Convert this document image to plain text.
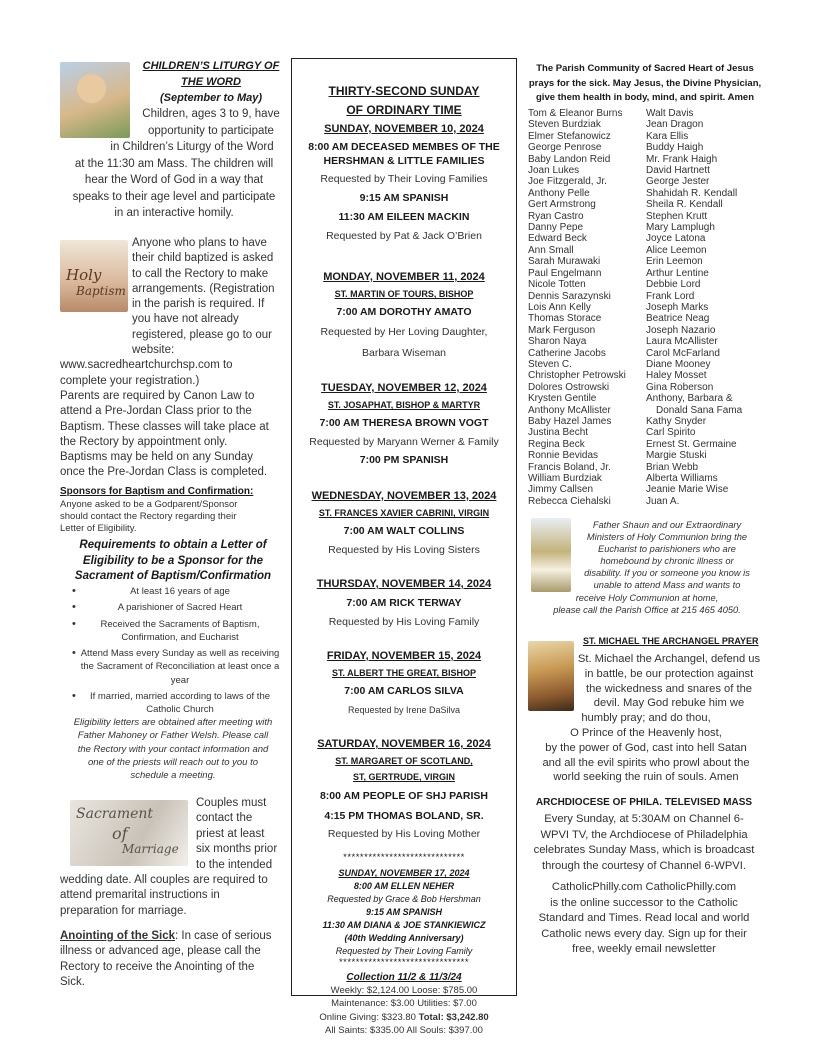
CHILDREN’S LITURGY OF
THE WORD
(September to May)
Children, ages 3 to 9, have
opportunity to participate
in Children’s Liturgy of the Word
at the 11:30 am Mass. The children will
hear the Word of God in a way that
speaks to their age level and participate
in an interactive homily.
Holy
Baptism
Anyone who plans to have
their child baptized is asked
to call the Rectory to make
arrangements. (Registration
in the parish is required. If
you have not already
registered, please go to our
website:
www.sacredheartchurchsp.com to
complete your registration.)
Parents are required by Canon Law to
attend a Pre-Jordan Class prior to the
Baptism. These classes will take place at
the Rectory by appointment only.
Baptisms may be held on any Sunday
once the Pre-Jordan Class is completed.
Sponsors for Baptism and Confirmation:
Anyone asked to be a Godparent/Sponsor
should contact the Rectory regarding their
Letter of Eligibility.
Requirements to obtain a Letter of
Eligibility to be a Sponsor for the
Sacrament of Baptism/Confirmation
• At least 16 years of age
• A parishioner of Sacred Heart
• Received the Sacraments of Baptism, Confirmation, and Eucharist
• Attend Mass every Sunday as well as receiving the Sacrament of Reconciliation at least once a year
• If married, married according to laws of the Catholic Church
Eligibility letters are obtained after meeting with
Father Mahoney or Father Welsh. Please call
the Rectory with your contact information and
one of the priests will reach out to you to
schedule a meeting.
Sacrament
of
Marriage
Couples must
contact the
priest at least
six months prior
to the intended
wedding date. All couples are required to
attend premarital instructions in
preparation for marriage.
Anointing of the Sick: In case of serious
illness or advanced age, please call the
Rectory to receive the Anointing of the
Sick.
THIRTY-SECOND SUNDAY
OF ORDINARY TIME
SUNDAY, NOVEMBER 10, 2024
8:00 AM DECEASED MEMBES OF THE
HERSHMAN & LITTLE FAMILIES
Requested by Their Loving Families
9:15 AM SPANISH
11:30 AM EILEEN MACKIN
Requested by Pat & Jack O’Brien
MONDAY, NOVEMBER 11, 2024
ST. MARTIN OF TOURS, BISHOP
7:00 AM DOROTHY AMATO
Requested by Her Loving Daughter,
Barbara Wiseman
TUESDAY, NOVEMBER 12, 2024
ST. JOSAPHAT, BISHOP & MARTYR
7:00 AM THERESA BROWN VOGT
Requested by Maryann Werner & Family
7:00 PM SPANISH
WEDNESDAY, NOVEMBER 13, 2024
ST. FRANCES XAVIER CABRINI, VIRGIN
7:00 AM WALT COLLINS
Requested by His Loving Sisters
THURSDAY, NOVEMBER 14, 2024
7:00 AM RICK TERWAY
Requested by His Loving Family
FRIDAY, NOVEMBER 15, 2024
ST. ALBERT THE GREAT, BISHOP
7:00 AM CARLOS SILVA
Requested by Irene DaSilva
SATURDAY, NOVEMBER 16, 2024
ST. MARGARET OF SCOTLAND,
ST, GERTRUDE, VIRGIN
8:00 AM PEOPLE OF SHJ PARISH
4:15 PM THOMAS BOLAND, SR.
Requested by His Loving Mother
*****************************
SUNDAY, NOVEMBER 17, 2024
8:00 AM ELLEN NEHER
Requested by Grace & Bob Hershman
9:15 AM SPANISH
11:30 AM DIANA & JOE STANKIEWICZ
(40th Wedding Anniversary)
Requested by Their Loving Family
*******************************
Collection 11/2 & 11/3/24
Weekly: $2,124.00 Loose: $785.00
Maintenance: $3.00 Utilities: $7.00
Online Giving: $323.80 Total: $3,242.80
All Saints: $335.00 All Souls: $397.00
The Parish Community of Sacred Heart of Jesus
prays for the sick. May Jesus, the Divine Physician,
give them health in body, mind, and spirit. Amen
Tom & Eleanor Burns
Steven Burdziak
Elmer Stefanowicz
George Penrose
Baby Landon Reid
Joan Lukes
Joe Fitzgerald, Jr.
Anthony Pelle
Gert Armstrong
Ryan Castro
Danny Pepe
Edward Beck
Ann Small
Sarah Murawaki
Paul Engelmann
Nicole Totten
Dennis Sarazynski
Lois Ann Kelly
Thomas Storace
Mark Ferguson
Sharon Naya
Catherine Jacobs
Steven C.
Christopher Petrowski
Dolores Ostrowski
Krysten Gentile
Anthony McAllister
Baby Hazel James
Justina Becht
Regina Beck
Ronnie Bevidas
Francis Boland, Jr.
William Burdziak
Jimmy Callsen
Rebecca Ciehalski
Walt Davis
Jean Dragon
Kara Ellis
Buddy Haigh
Mr. Frank Haigh
David Hartnett
George Jester
Shahidah R. Kendall
Sheila R. Kendall
Stephen Krutt
Mary Lamplugh
Joyce Latona
Alice Leemon
Erin Leemon
Arthur Lentine
Debbie Lord
Frank Lord
Joseph Marks
Beatrice Neag
Joseph Nazario
Laura McAllister
Carol McFarland
Diane Mooney
Haley Mosset
Gina Roberson
Anthony, Barbara &
Donald Sana Fama
Kathy Snyder
Carl Spirito
Ernest St. Germaine
Margie Stuski
Brian Webb
Alberta Williams
Jeanie Marie Wise
Juan A.
Father Shaun and our Extraordinary
Ministers of Holy Communion bring the
Eucharist to parishioners who are
homebound by chronic illness or
disability. If you or someone you know is
unable to attend Mass and wants to
receive Holy Communion at home,
please call the Parish Office at 215 465 4050.
ST. MICHAEL THE ARCHANGEL PRAYER
St. Michael the Archangel, defend us
in battle, be our protection against
the wickedness and snares of the
devil. May God rebuke him we
humbly pray; and do thou,
O Prince of the Heavenly host,
by the power of God, cast into hell Satan
and all the evil spirits who prowl about the
world seeking the ruin of souls. Amen
ARCHDIOCESE OF PHILA. TELEVISED MASS
Every Sunday, at 5:30AM on Channel 6-
WPVI TV, the Archdiocese of Philadelphia
celebrates Sunday Mass, which is broadcast
through the courtesy of Channel 6-WPVI.
CatholicPhilly.com CatholicPhilly.com
is the online successor to the Catholic
Standard and Times. Read local and world
Catholic news every day. Sign up for their
free, weekly email newsletter
